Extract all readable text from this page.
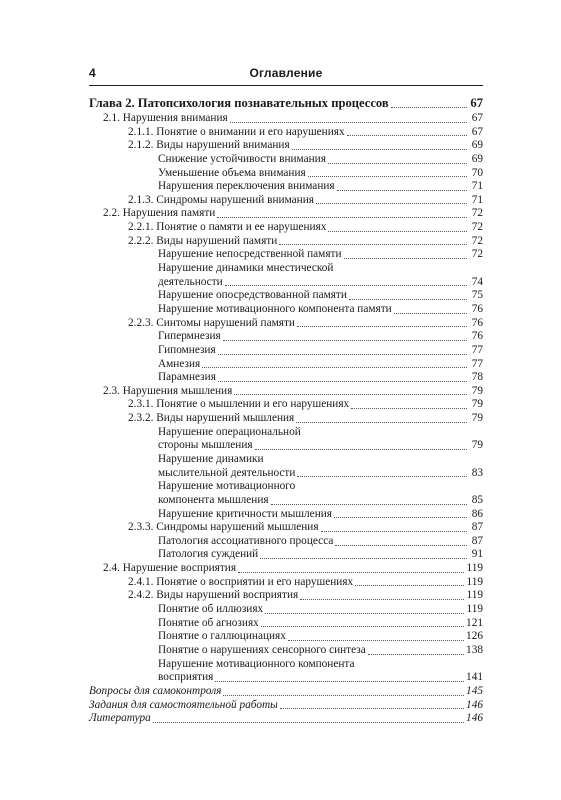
4	Оглавление
Глава 2. Патопсихология познавательных процессов	67
2.1. Нарушения внимания	67
2.1.1. Понятие о внимании и его нарушениях	67
2.1.2. Виды нарушений внимания	69
Снижение устойчивости внимания	69
Уменьшение объема внимания	70
Нарушения переключения внимания	71
2.1.3. Синдромы нарушений внимания	71
2.2. Нарушения памяти	72
2.2.1. Понятие о памяти и ее нарушениях	72
2.2.2. Виды нарушений памяти	72
Нарушение непосредственной памяти	72
Нарушение динамики мнестической
деятельности	74
Нарушение опосредствованной памяти	75
Нарушение мотивационного компонента памяти	76
2.2.3. Синтомы нарушений памяти	76
Гипермнезия	76
Гипомнезия	77
Амнезия	77
Парамнезия	78
2.3. Нарушения мышления	79
2.3.1. Понятие о мышлении и его нарушениях	79
2.3.2. Виды нарушений мышления	79
Нарушение операциональной
стороны мышления	79
Нарушение динамики
мыслительной деятельности	83
Нарушение мотивационного
компонента мышления	85
Нарушение критичности мышления	86
2.3.3. Синдромы нарушений мышления	87
Патология ассоциативного процесса	87
Патология суждений	91
2.4. Нарушение восприятия	119
2.4.1. Понятие о восприятии и его нарушениях	119
2.4.2. Виды нарушений восприятия	119
Понятие об иллюзиях	119
Понятие об агнозиях	121
Понятие о галлюцинациях	126
Понятие о нарушениях сенсорного синтеза	138
Нарушение мотивационного компонента
восприятия	141
Вопросы для самоконтроля	145
Задания для самостоятельной работы	146
Литература	146
